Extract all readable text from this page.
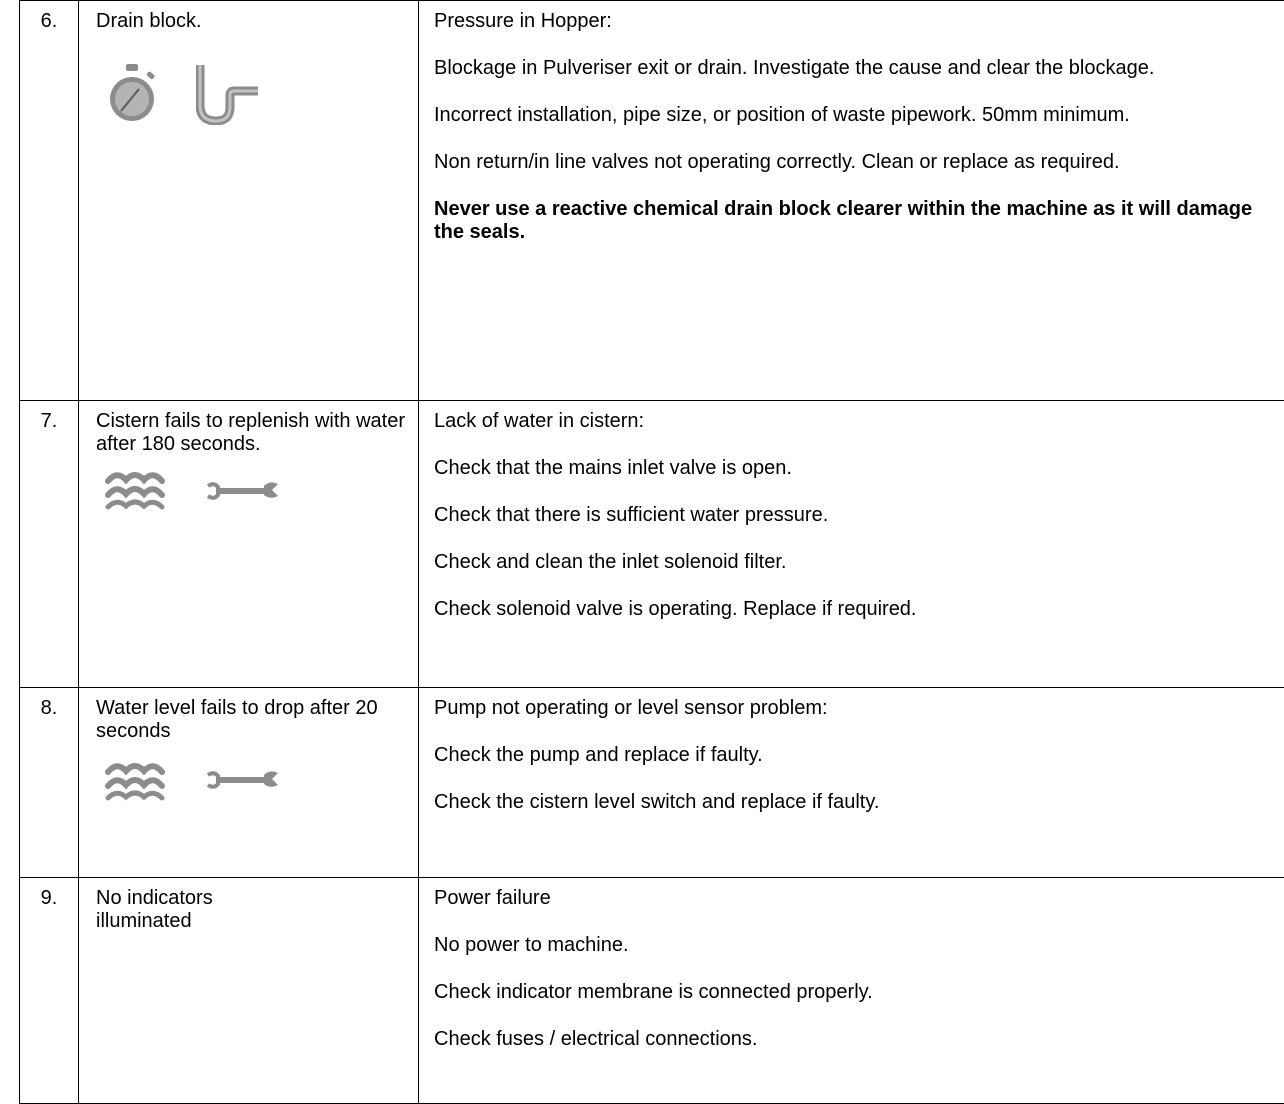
6.	Drain block.	Pressure in Hopper:

Blockage in Pulveriser exit or drain. Investigate the cause and clear the blockage.

Incorrect installation, pipe size, or position of waste pipework. 50mm minimum.

Non return/in line valves not operating correctly. Clean or replace as required.

Never use a reactive chemical drain block clearer within the machine as it will damage the seals.

7.	Cistern fails to replenish with water after 180 seconds.	Lack of water in cistern:

Check that the mains inlet valve is open.

Check that there is sufficient water pressure.

Check and clean the inlet solenoid filter.

Check solenoid valve is operating. Replace if required.

8.	Water level fails to drop after 20 seconds	Pump not operating or level sensor problem:

Check the pump and replace if faulty.

Check the cistern level switch and replace if faulty.

9.	No indicators illuminated	Power failure

No power to machine.

Check indicator membrane is connected properly.

Check fuses / electrical connections.
